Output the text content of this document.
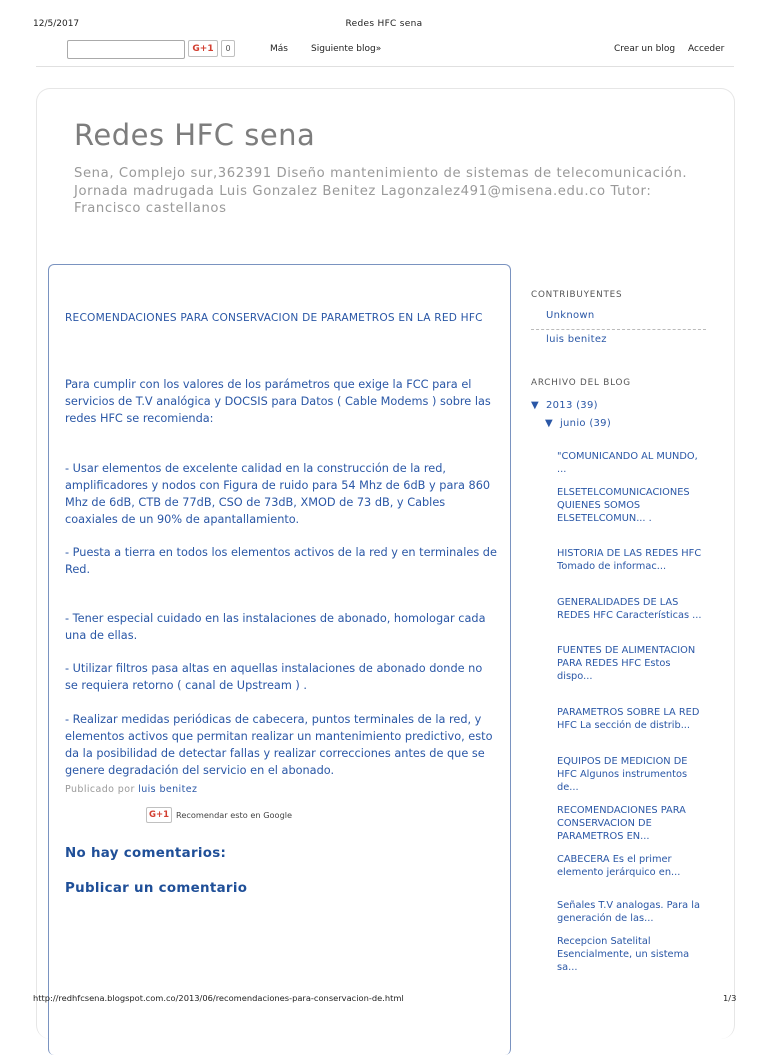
12/5/2017	Redes HFC sena
G+1	0	Más	Siguiente blog»	Crear un blog Acceder
Redes HFC sena
Sena, Complejo sur,362391 Diseño mantenimiento de sistemas de telecomunicación. Jornada madrugada Luis Gonzalez Benitez Lagonzalez491@misena.edu.co Tutor: Francisco castellanos
RECOMENDACIONES PARA CONSERVACION DE PARAMETROS EN LA RED HFC
Para cumplir con los valores de los parámetros que exige la FCC para el servicios de T.V analógica y DOCSIS para Datos ( Cable Modems ) sobre las redes HFC se recomienda:
- Usar elementos de excelente calidad en la construcción de la red, amplificadores y nodos con Figura de ruido para 54 Mhz de 6dB y para 860 Mhz de 6dB, CTB de 77dB, CSO de 73dB, XMOD de 73 dB, y Cables coaxiales de un 90% de apantallamiento.
- Puesta a tierra en todos los elementos activos de la red y en terminales de Red.
- Tener especial cuidado en las instalaciones de abonado, homologar cada una de ellas.
- Utilizar filtros pasa altas en aquellas instalaciones de abonado donde no se requiera retorno ( canal de Upstream ) .
- Realizar medidas periódicas de cabecera, puntos terminales de la red, y elementos activos que permitan realizar un mantenimiento predictivo, esto da la posibilidad de detectar fallas y realizar correcciones antes de que se genere degradación del servicio en el abonado.
Publicado por luis benitez
G+1 Recomendar esto en Google
No hay comentarios:
Publicar un comentario
CONTRIBUYENTES
Unknown
luis benitez
ARCHIVO DEL BLOG
▼ 2013 (39)
▼ junio (39)
"COMUNICANDO AL MUNDO, ...
ELSETELCOMUNICACIONES QUIENES SOMOS ELSETELCOMUN... .
HISTORIA DE LAS REDES HFC Tomado de informac...
GENERALIDADES DE LAS REDES HFC Características ...
FUENTES DE ALIMENTACION PARA REDES HFC Estos dispo...
PARAMETROS SOBRE LA RED HFC La sección de distrib...
EQUIPOS DE MEDICION DE HFC Algunos instrumentos de...
RECOMENDACIONES PARA CONSERVACION DE PARAMETROS EN...
CABECERA Es el primer elemento jerárquico en...
Señales T.V analogas. Para la generación de las...
Recepcion Satelital Esencialmente, un sistema sa...
http://redhfcsena.blogspot.com.co/2013/06/recomendaciones-para-conservacion-de.html	1/3
